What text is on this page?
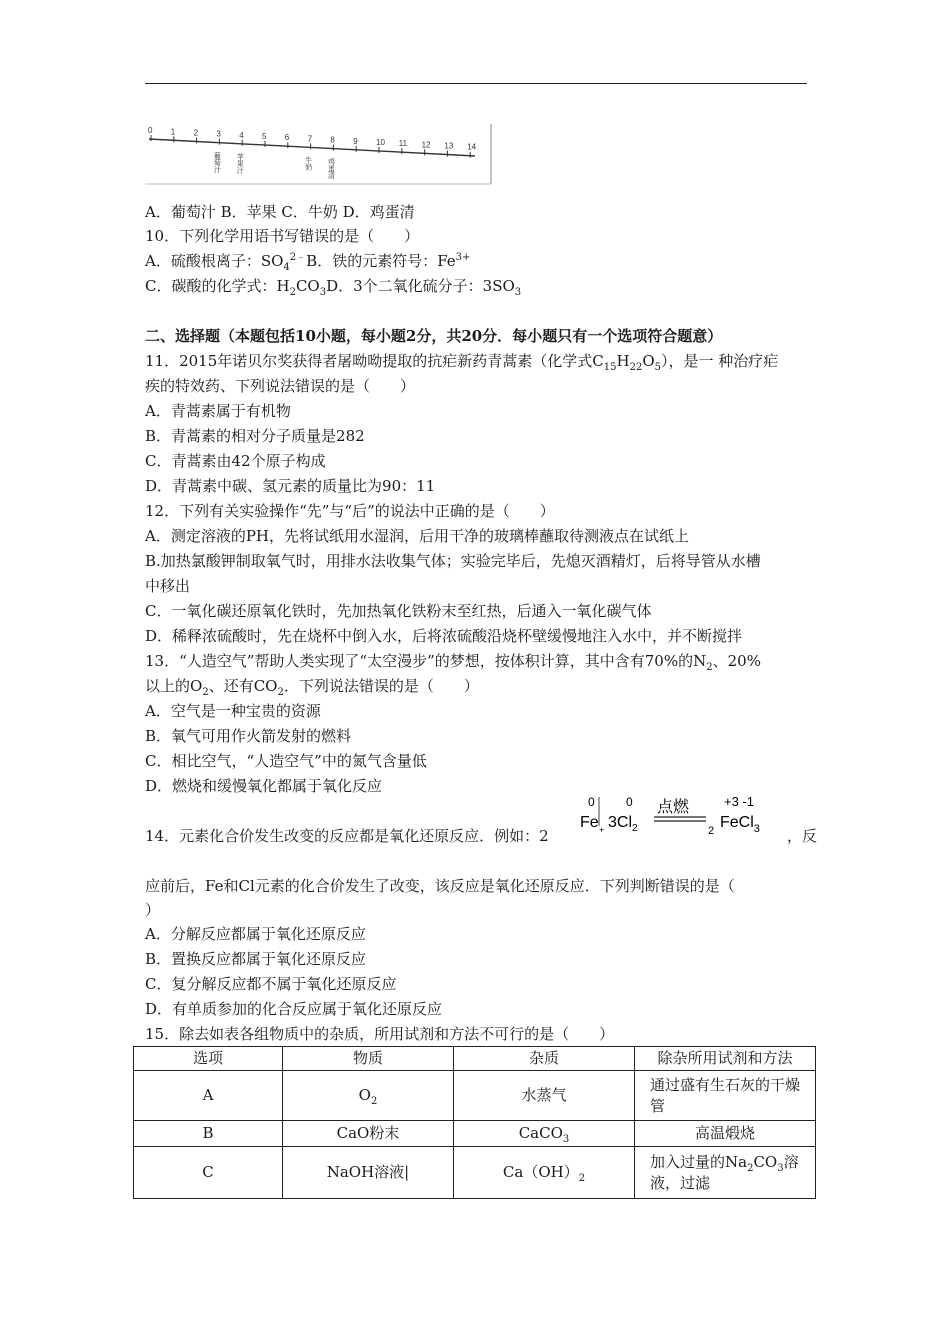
0 1 2 3 4 5 6 7 8 9 10 11 12 13 14
葡萄汁 苹果汁	牛奶 鸡蛋清
A．葡萄汁 B．苹果 C．牛奶 D．鸡蛋清
10．下列化学用语书写错误的是（　　）
A．硫酸根离子：$SO_4^{2﹣}B$．铁的元素符号：$Fe^{3+}$
C．碳酸的化学式：$H_2CO_3D$．3个二氧化硫分子：$3SO_3$
二、选择题（本题包括10小题，每小题2分，共20分．每小题只有一个选项符合题意）
11．2015年诺贝尔奖获得者屠呦呦提取的抗疟新药青蒿素（化学式$C_{15}H_{22}O_5$），是一 种治疗疟
疾的特效药、下列说法错误的是（　　）
A．青蒿素属于有机物
B．青蒿素的相对分子质量是282
C．青蒿素由42个原子构成
D．青蒿素中碳、氢元素的质量比为90：11
12．下列有关实验操作“先”与“后”的说法中正确的是（　　）
A．测定溶液的PH，先将试纸用水湿润，后用干净的玻璃棒蘸取待测液点在试纸上
B.加热氯酸钾制取氧气时，用排水法收集气体；实验完毕后，先熄灭酒精灯，后将导管从水槽
中移出
C．一氧化碳还原氧化铁时，先加热氧化铁粉末至红热，后通入一氧化碳气体
D．稀释浓硫酸时，先在烧杯中倒入水，后将浓硫酸沿烧杯壁缓慢地注入水中，并不断搅拌
13．“人造空气”帮助人类实现了“太空漫步”的梦想，按体积计算，其中含有70%的$N_2$、20%
以上的$O_2$、还有$CO_2$．下列说法错误的是（　　）
A．空气是一种宝贵的资源
B．氧气可用作火箭发射的燃料
C．相比空气，“人造空气”中的氮气含量低
D．燃烧和缓慢氧化都属于氧化反应
14．元素化合价发生改变的反应都是氧化还原反应．例如：2	，反
0
Fe +
0
$3Cl_2$
点燃
2
+3 -1
FeCl$_3$
应前后，Fe和Cl元素的化合价发生了改变，该反应是氧化还原反应．下列判断错误的是（
）
A．分解反应都属于氧化还原反应
B．置换反应都属于氧化还原反应
C．复分解反应都不属于氧化还原反应
D．有单质参加的化合反应属于氧化还原反应
15．除去如表各组物质中的杂质，所用试剂和方法不可行的是（　　）
选项	物质	杂质	除杂所用试剂和方法
A	$O_2$	水蒸气	通过盛有生石灰的干燥管

B	CaO粉末	CaCO$_3$	高温煅烧
C	NaOH溶液|	$Ca(OH)_2$	加入过量的$Na_2CO_3$溶液，过滤
